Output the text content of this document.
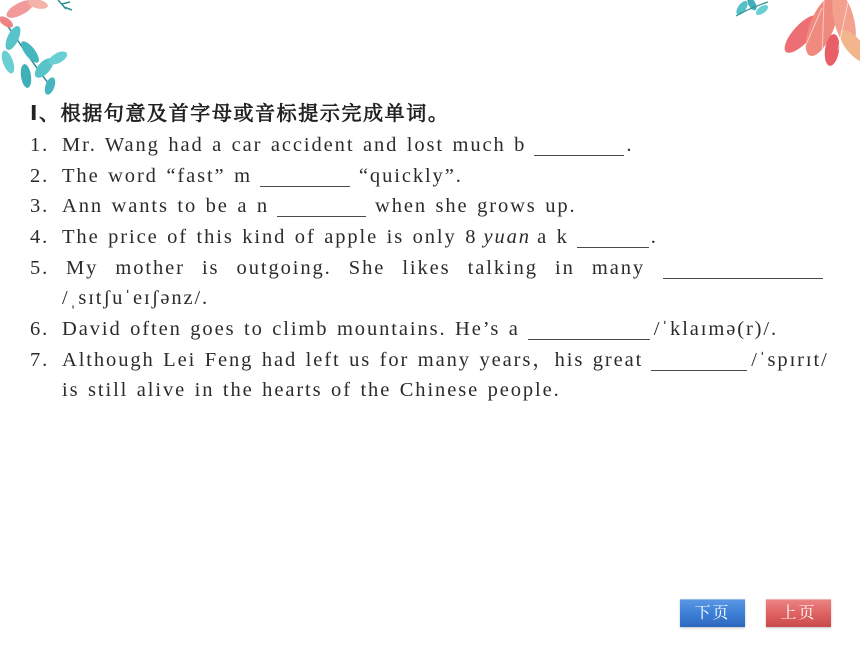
Ⅰ、根据句意及首字母或音标提示完成单词。
1. Mr. Wang had a car accident and lost much b	.
2. The word “fast” m	“quickly”.
3. Ann wants to be a n	when she grows up.
4. The price of this kind of apple is only 8 yuan a k	.
5. My mother is outgoing. She likes talking in many
/ˌsɪtʃuˈeɪʃənz/.
6. David often goes to climb mountains. He’s a	/ˈklaɪmə(r)/.
7. Although Lei Feng had left us for many years，his great	/ˈspɪrɪt/
is still alive in the hearts of the Chinese people.
下页	上页
